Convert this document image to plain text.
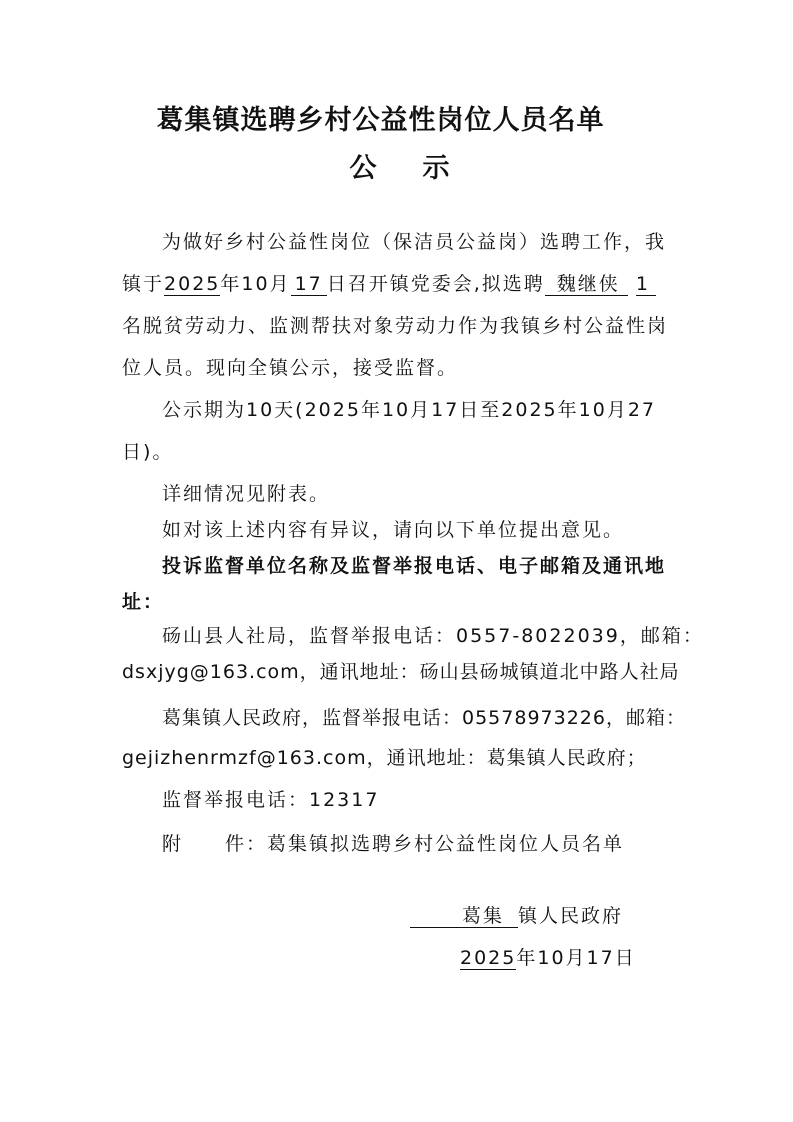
葛集镇选聘乡村公益性岗位人员名单
公 示
为做好乡村公益性岗位（保洁员公益岗）选聘工作，我
镇于2025年10月 17 日召开镇党委会,拟选聘 魏继侠 1
名脱贫劳动力、监测帮扶对象劳动力作为我镇乡村公益性岗
位人员。现向全镇公示，接受监督。
公示期为10天(2025年10月17日至2025年10月27
日)。
详细情况见附表。
如对该上述内容有异议，请向以下单位提出意见。
投诉监督单位名称及监督举报电话、电子邮箱及通讯地
址：
砀山县人社局，监督举报电话：0557-8022039，邮箱：
dsxjyg@163.com，通讯地址：砀山县砀城镇道北中路人社局
葛集镇人民政府，监督举报电话：05578973226，邮箱：
gejizhenrmzf@163.com，通讯地址：葛集镇人民政府；
监督举报电话：12317
附 件：葛集镇拟选聘乡村公益性岗位人员名单
葛集 镇人民政府
2025年10月17日
